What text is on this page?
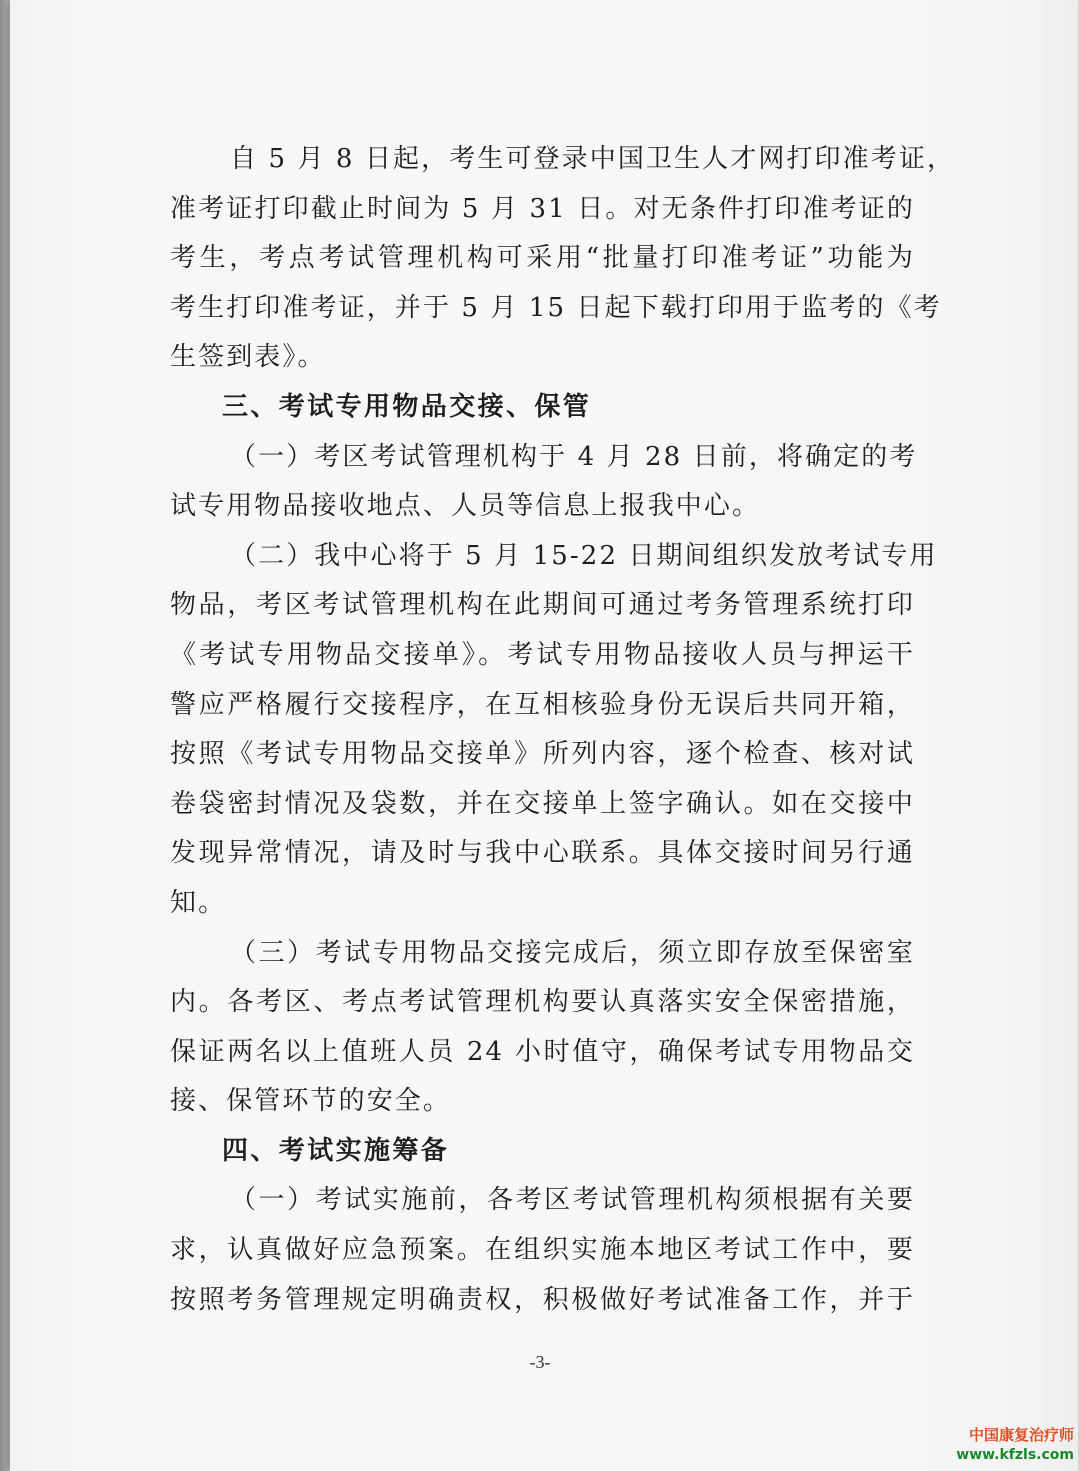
自 5 月 8 日起，考生可登录中国卫生人才网打印准考证，
准考证打印截止时间为 5 月 31 日。对无条件打印准考证的
考生，考点考试管理机构可采用“批量打印准考证”功能为
考生打印准考证，并于 5 月 15 日起下载打印用于监考的《考
生签到表》。
三、考试专用物品交接、保管
（一）考区考试管理机构于 4 月 28 日前，将确定的考
试专用物品接收地点、人员等信息上报我中心。
（二）我中心将于 5 月 15-22 日期间组织发放考试专用
物品，考区考试管理机构在此期间可通过考务管理系统打印
《考试专用物品交接单》。考试专用物品接收人员与押运干
警应严格履行交接程序，在互相核验身份无误后共同开箱，
按照《考试专用物品交接单》所列内容，逐个检查、核对试
卷袋密封情况及袋数，并在交接单上签字确认。如在交接中
发现异常情况，请及时与我中心联系。具体交接时间另行通
知。
（三）考试专用物品交接完成后，须立即存放至保密室
内。各考区、考点考试管理机构要认真落实安全保密措施，
保证两名以上值班人员 24 小时值守，确保考试专用物品交
接、保管环节的安全。
四、考试实施筹备
（一）考试实施前，各考区考试管理机构须根据有关要
求，认真做好应急预案。在组织实施本地区考试工作中，要
按照考务管理规定明确责权，积极做好考试准备工作，并于
-3-
中国康复治疗师
www.kfzls.com
